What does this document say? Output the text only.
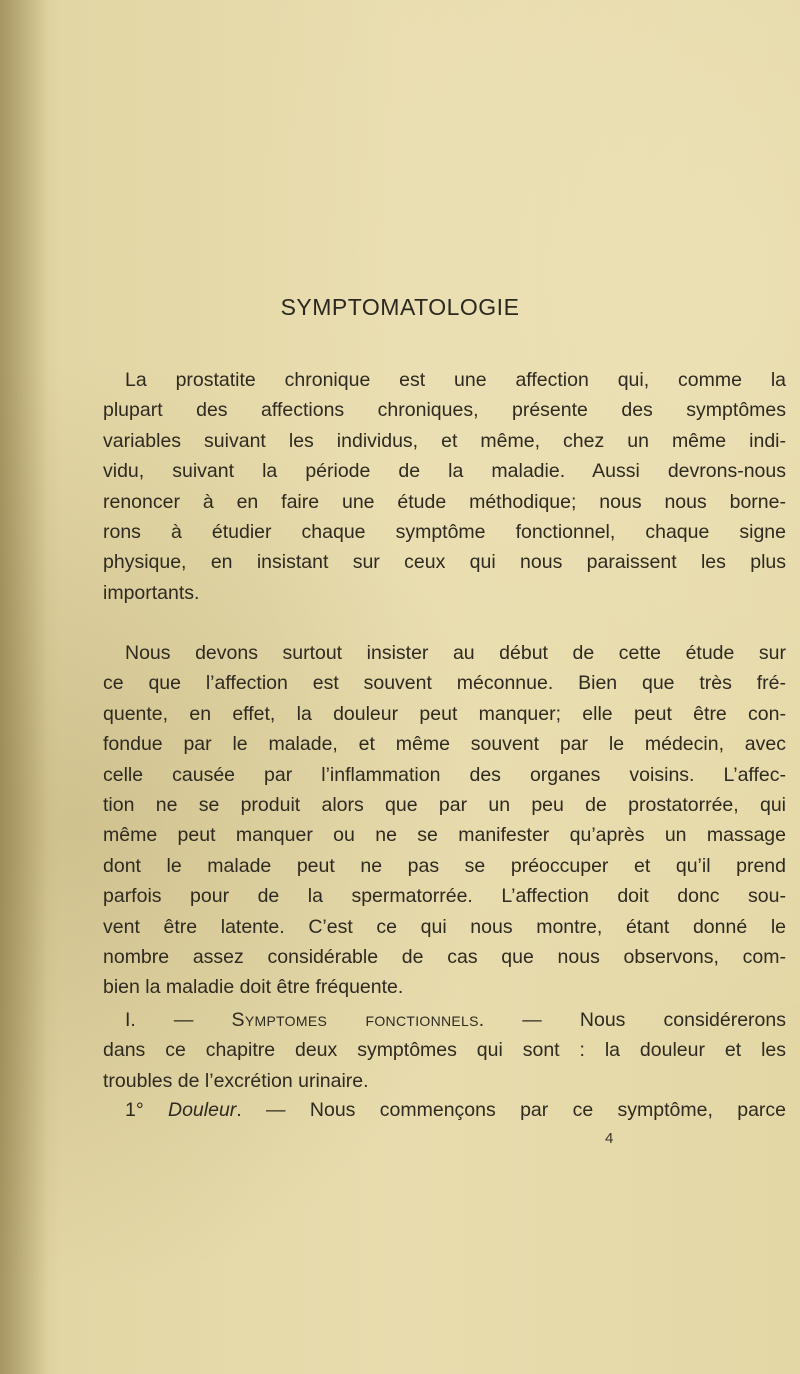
SYMPTOMATOLOGIE
La prostatite chronique est une affection qui, comme la
plupart des affections chroniques, présente des symptômes
variables suivant les individus, et même, chez un même indi-
vidu, suivant la période de la maladie. Aussi devrons-nous
renoncer à en faire une étude méthodique; nous nous borne-
rons à étudier chaque symptôme fonctionnel, chaque signe
physique, en insistant sur ceux qui nous paraissent les plus
importants.
Nous devons surtout insister au début de cette étude sur
ce que l’affection est souvent méconnue. Bien que très fré-
quente, en effet, la douleur peut manquer; elle peut être con-
fondue par le malade, et même souvent par le médecin, avec
celle causée par l’inflammation des organes voisins. L’affec-
tion ne se produit alors que par un peu de prostatorrée, qui
même peut manquer ou ne se manifester qu’après un massage
dont le malade peut ne pas se préoccuper et qu’il prend
parfois pour de la spermatorrée. L’affection doit donc sou-
vent être latente. C’est ce qui nous montre, étant donné le
nombre assez considérable de cas que nous observons, com-
bien la maladie doit être fréquente.
I. — Symptomes fonctionnels. — Nous considérerons
dans ce chapitre deux symptômes qui sont : la douleur et les
troubles de l’excrétion urinaire.
1° Douleur. — Nous commençons par ce symptôme, parce
4
